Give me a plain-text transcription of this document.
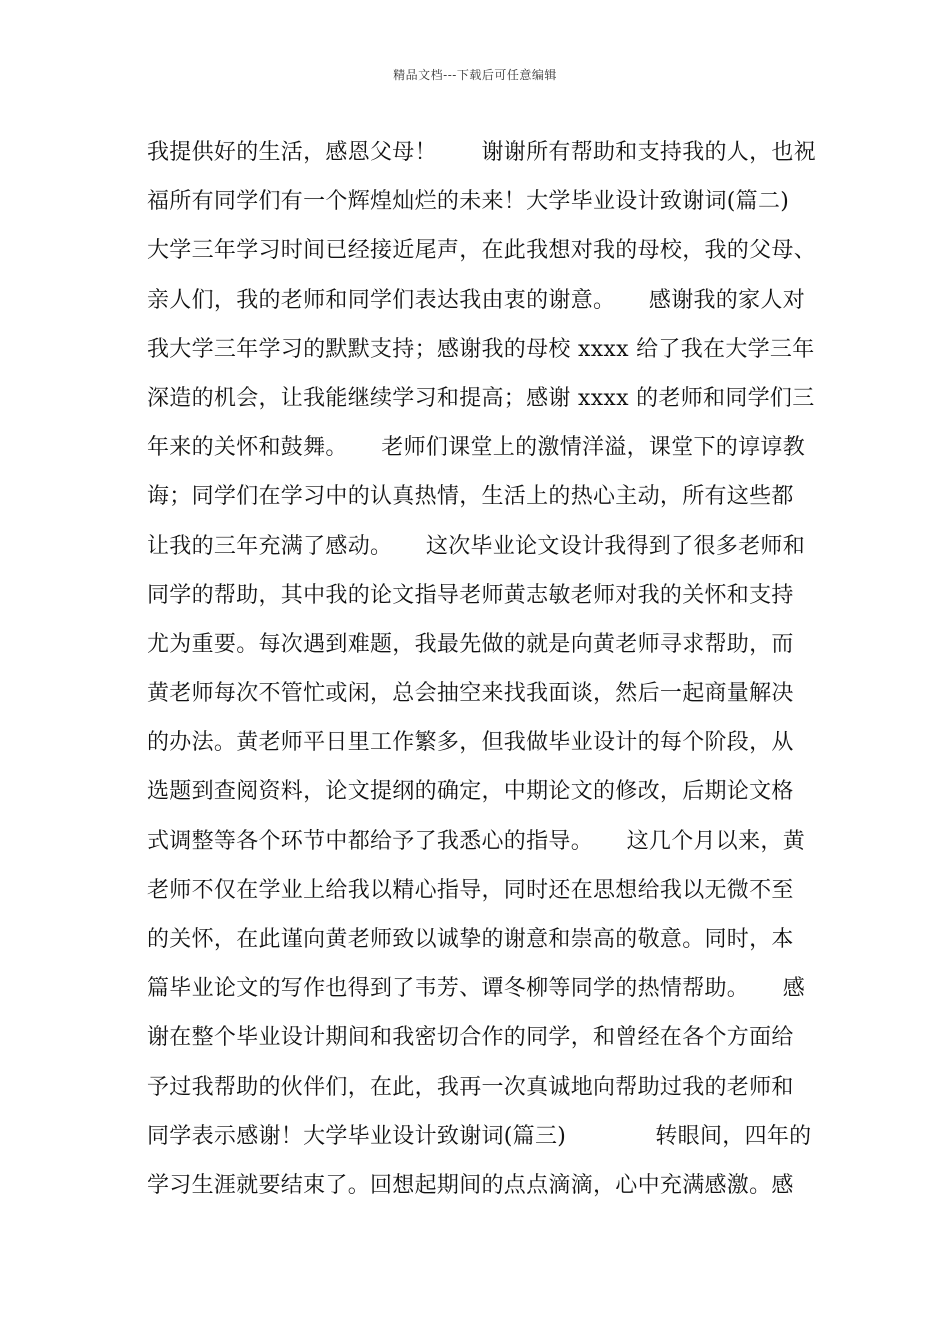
精品文档---下载后可任意编辑
我提供好的生活，感恩父母！　　谢谢所有帮助和支持我的人，也祝
福所有同学们有一个辉煌灿烂的未来！大学毕业设计致谢词(篇二)
大学三年学习时间已经接近尾声，在此我想对我的母校，我的父母、
亲人们，我的老师和同学们表达我由衷的谢意。　　感谢我的家人对
我大学三年学习的默默支持；感谢我的母校 xxxx 给了我在大学三年
深造的机会，让我能继续学习和提高；感谢 xxxx 的老师和同学们三
年来的关怀和鼓舞。　　老师们课堂上的激情洋溢，课堂下的谆谆教
诲；同学们在学习中的认真热情，生活上的热心主动，所有这些都
让我的三年充满了感动。　　这次毕业论文设计我得到了很多老师和
同学的帮助，其中我的论文指导老师黄志敏老师对我的关怀和支持
尤为重要。每次遇到难题，我最先做的就是向黄老师寻求帮助，而
黄老师每次不管忙或闲，总会抽空来找我面谈，然后一起商量解决
的办法。黄老师平日里工作繁多，但我做毕业设计的每个阶段，从
选题到查阅资料，论文提纲的确定，中期论文的修改，后期论文格
式调整等各个环节中都给予了我悉心的指导。　　这几个月以来，黄
老师不仅在学业上给我以精心指导，同时还在思想给我以无微不至
的关怀，在此谨向黄老师致以诚挚的谢意和崇高的敬意。同时，本
篇毕业论文的写作也得到了韦芳、谭冬柳等同学的热情帮助。　　感
谢在整个毕业设计期间和我密切合作的同学，和曾经在各个方面给
予过我帮助的伙伴们，在此，我再一次真诚地向帮助过我的老师和
同学表示感谢！大学毕业设计致谢词(篇三)　　　　转眼间，四年的
学习生涯就要结束了。回想起期间的点点滴滴，心中充满感激。感
